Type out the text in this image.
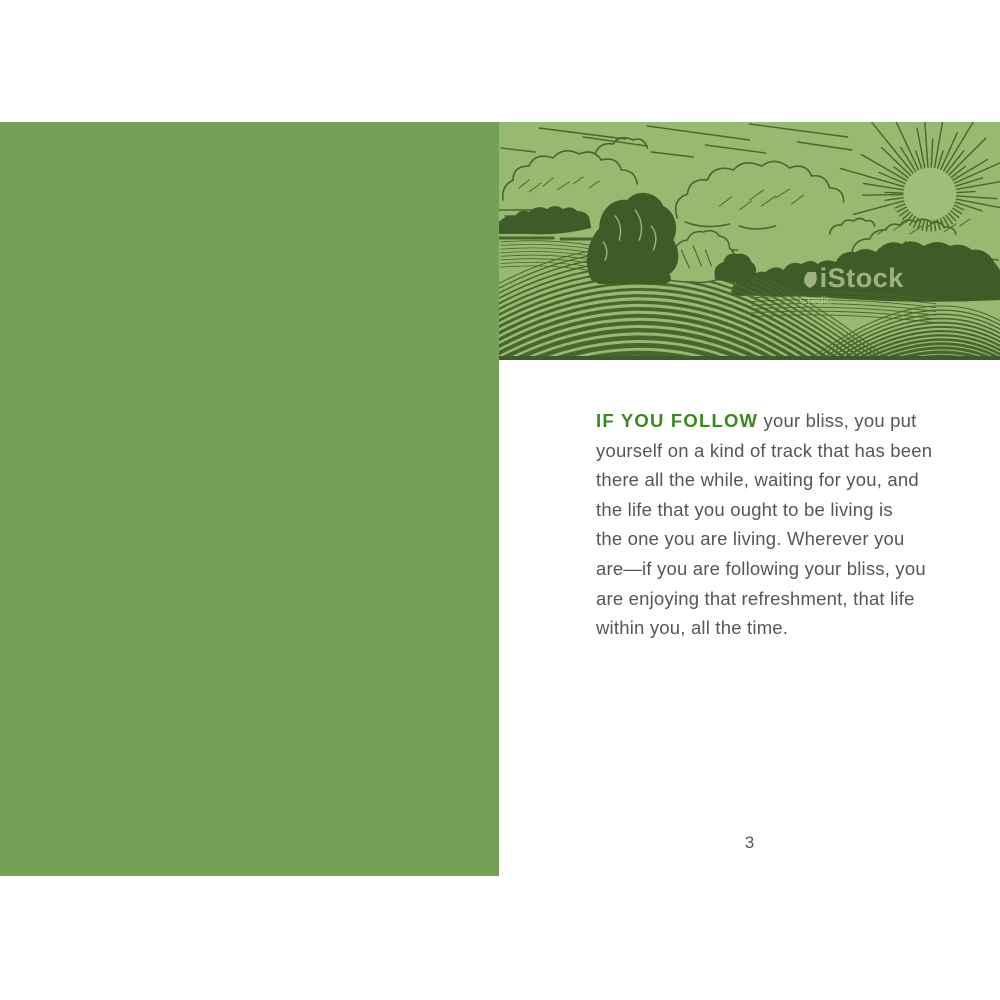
iStock
Credit:
IF YOU FOLLOW your bliss, you put
yourself on a kind of track that has been
there all the while, waiting for you, and
the life that you ought to be living is
the one you are living. Wherever you
are—if you are following your bliss, you
are enjoying that refreshment, that life
within you, all the time.
3
